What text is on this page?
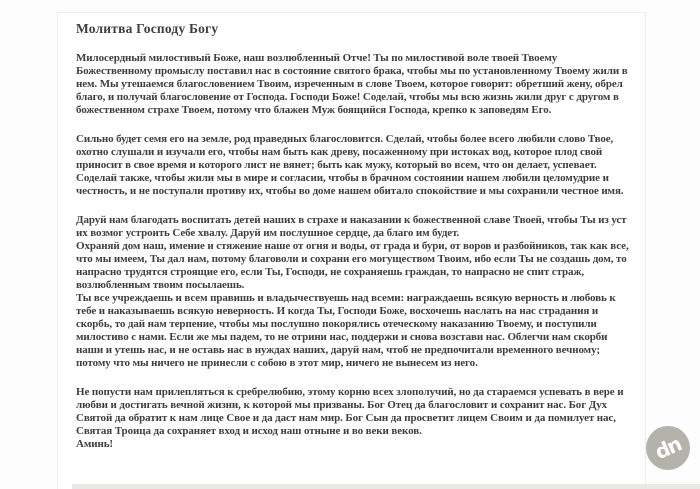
Молитва Господу Богу

Милосердный милостивый Боже, наш возлюбленный Отче! Ты по милостивой воле твоей Твоему Божественному промыслу поставил нас в состояние святого брака, чтобы мы по установленному Твоему жили в нем. Мы утешаемся благословением Твоим, изреченным в слове Твоем, которое говорит: обретший жену, обрел благо, и получай благословение от Господа. Господи Боже! Соделай, чтобы мы всю жизнь жили друг с другом в божественном страхе Твоем, потому что блажен Муж боящийся Господа, крепко к заповедям Его.

Сильно будет семя его на земле, род праведных благословится. Сделай, чтобы более всего любили слово Твое, охотно слушали и изучали его, чтобы нам быть как древу, посаженному при истоках вод, которое плод свой приносит в свое время и которого лист не вянет; быть как мужу, который во всем, что он делает, успевает. Соделай также, чтобы жили мы в мире и согласии, чтобы в брачном состоянии нашем любили целомудрие и честность, и не поступали противу их, чтобы во доме нашем обитало спокойствие и мы сохранили честное имя.

Даруй нам благодать воспитать детей наших в страхе и наказании к божественной славе Твоей, чтобы Ты из уст их возмог устроить Себе хвалу. Даруй им послушное сердце, да благо им будет.

Охраняй дом наш, имение и стяжение наше от огня и воды, от града и бури, от воров и разбойников, так как все, что мы имеем, Ты дал нам, потому благоволи и сохрани его могуществом Твоим, ибо если Ты не создашь дом, то напрасно трудятся строящие его, если Ты, Господи, не сохраняешь граждан, то напрасно не спит страж, возлюбленным твоим посылаешь.

Ты все учреждаешь и всем правишь и владычествуешь над всеми: награждаешь всякую верность и любовь к тебе и наказываешь всякую неверность. И когда Ты, Господи Боже, восхочешь наслать на нас страдания и скорбь, то дай нам терпение, чтобы мы послушно покорялись отеческому наказанию Твоему, и поступили милостиво с нами. Если же мы падем, то не отрини нас, поддержи и снова возстави нас. Облегчи нам скорби наши и утешь нас, и не оставь нас в нуждах наших, даруй нам, чтоб не предпочитали временного вечному; потому что мы ничего не принесли с собою в этот мир, ничего не вынесем из него.

Не попусти нам прилепляться к сребрелюбию, этому корню всех злополучий, но да стараемся успевать в вере и любви и достигать вечной жизни, к которой мы призваны. Бог Отец да благословит и сохранит нас. Бог Дух Святой да обратит к нам лице Свое и да даст нам мир. Бог Сын да просветит лицем Своим и да помилует нас, Святая Троица да сохраняет вход и исход наш отныне и во веки веков.

Аминь!	dn
